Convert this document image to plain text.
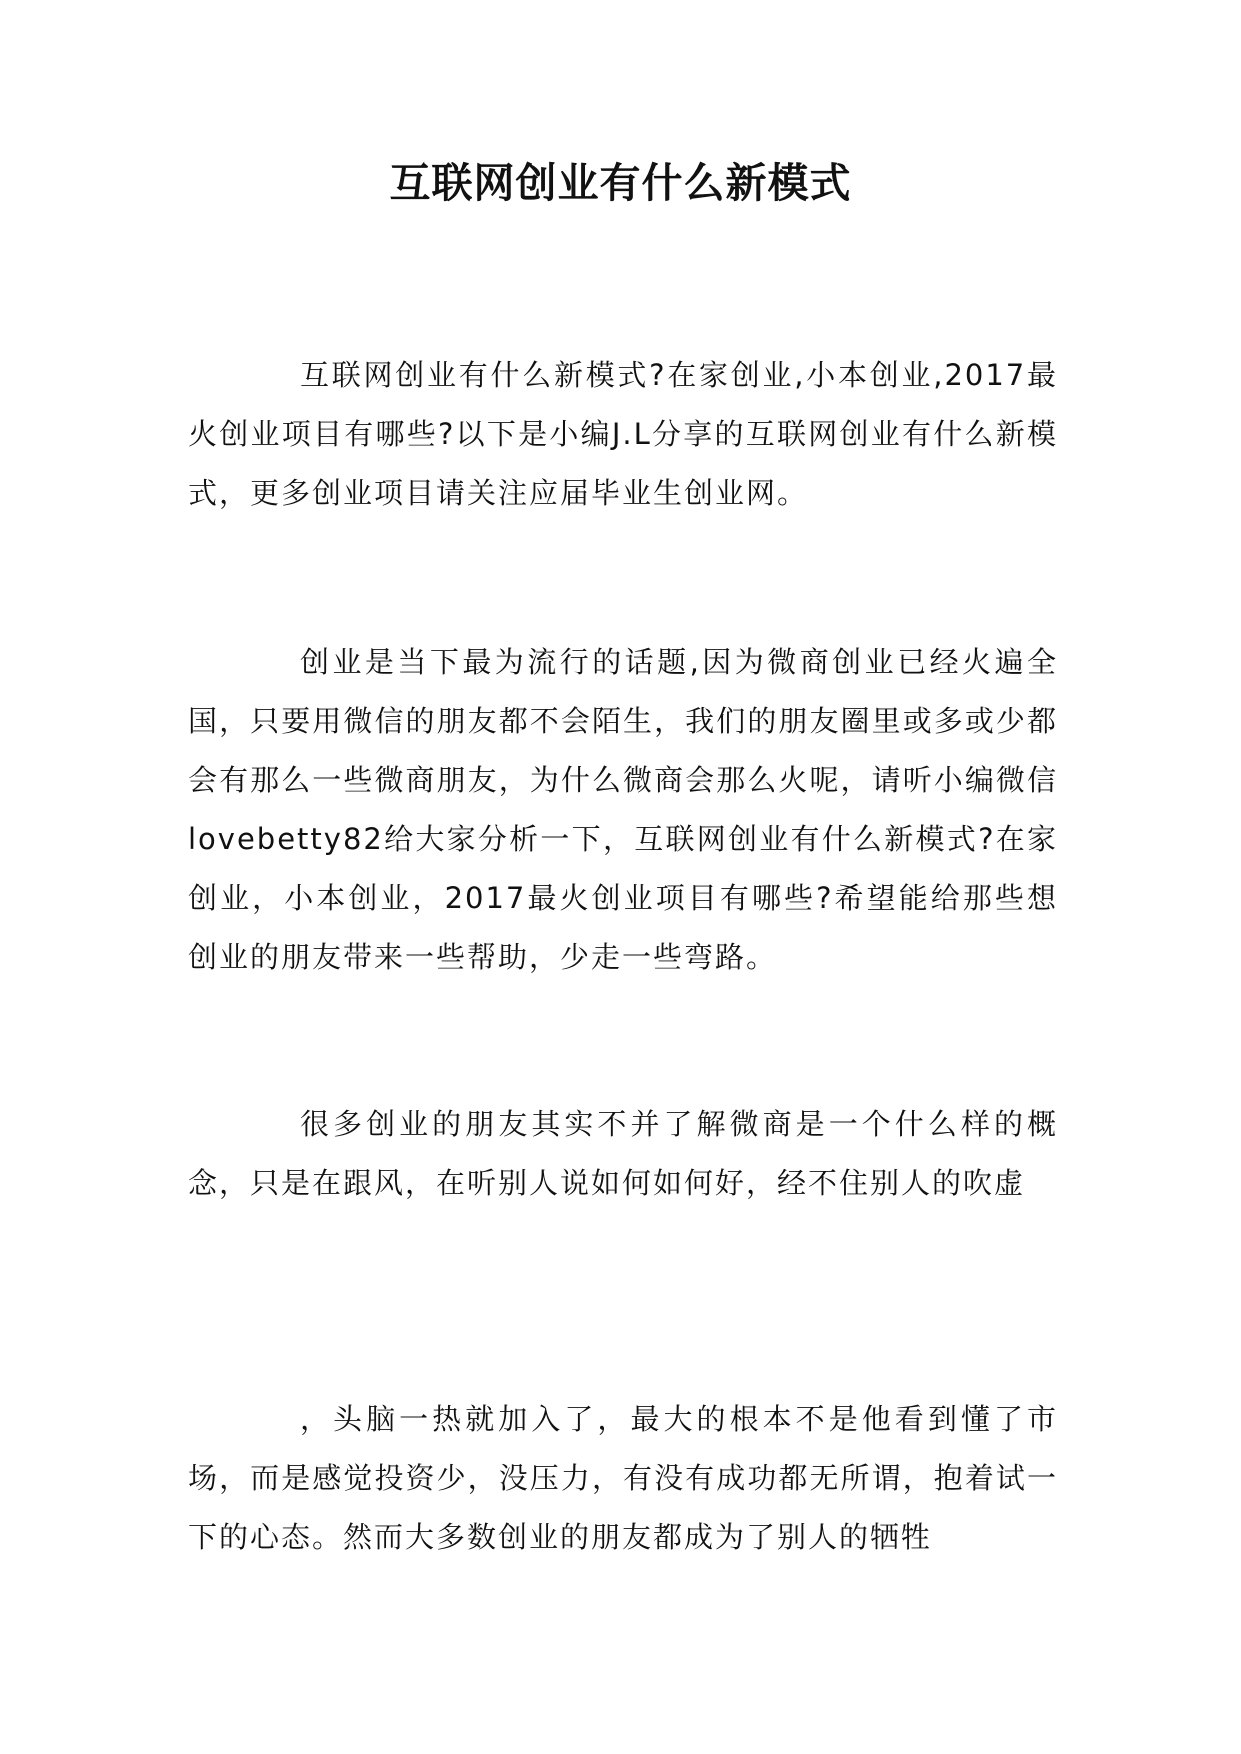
互联网创业有什么新模式

互联网创业有什么新模式?在家创业,小本创业,2017最火创业项目有哪些?以下是小编J.L分享的互联网创业有什么新模式，更多创业项目请关注应届毕业生创业网。

创业是当下最为流行的话题,因为微商创业已经火遍全国，只要用微信的朋友都不会陌生，我们的朋友圈里或多或少都会有那么一些微商朋友，为什么微商会那么火呢，请听小编微信lovebetty82给大家分析一下，互联网创业有什么新模式?在家创业，小本创业，2017最火创业项目有哪些?希望能给那些想创业的朋友带来一些帮助，少走一些弯路。

很多创业的朋友其实不并了解微商是一个什么样的概念，只是在跟风，在听别人说如何如何好，经不住别人的吹虚

，头脑一热就加入了，最大的根本不是他看到懂了市场，而是感觉投资少，没压力，有没有成功都无所谓，抱着试一下的心态。然而大多数创业的朋友都成为了别人的牺牲
